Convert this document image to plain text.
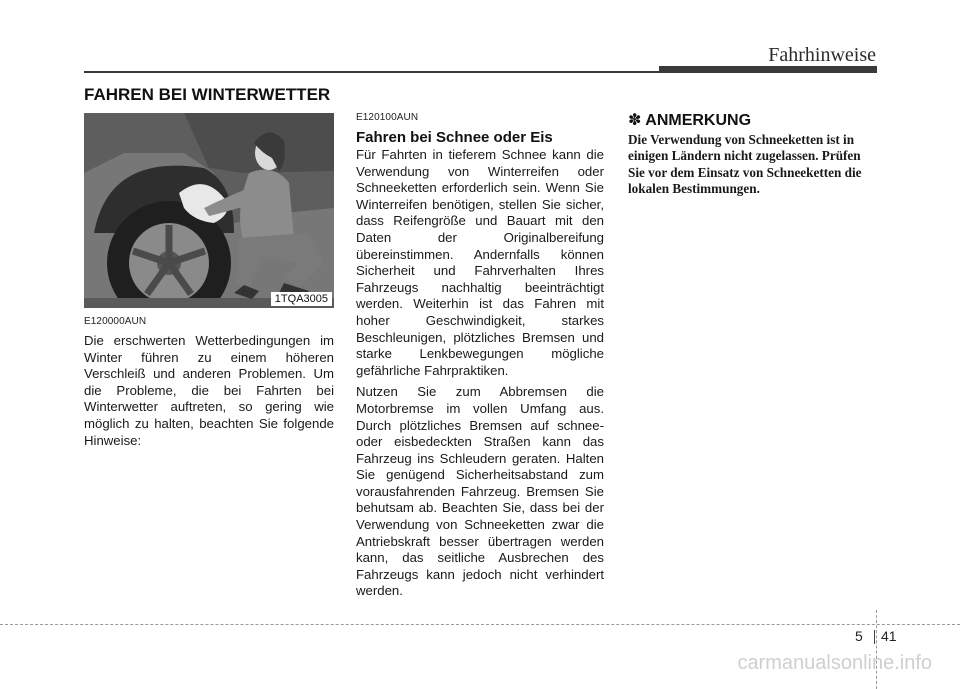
Fahrhinweise
FAHREN BEI WINTERWETTER
1TQA3005
E120000AUN

Die erschwerten Wetterbedingungen im Winter führen zu einem höheren Verschleiß und anderen Problemen. Um die Probleme, die bei Fahrten bei Winterwetter auftreten, so gering wie möglich zu halten, beachten Sie folgende Hinweise:

E120100AUN
Fahren bei Schnee oder Eis

Für Fahrten in tieferem Schnee kann die Verwendung von Winterreifen oder Schneeketten erforderlich sein. Wenn Sie Winterreifen benötigen, stellen Sie sicher, dass Reifengröße und Bauart mit den Daten der Originalbereifung übereinstimmen. Andernfalls können Sicherheit und Fahrverhalten Ihres Fahrzeugs nachhaltig beeinträchtigt werden. Weiterhin ist das Fahren mit hoher Geschwindigkeit, starkes Beschleunigen, plötzliches Bremsen und starke Lenkbewegungen mögliche gefährliche Fahrpraktiken.

Nutzen Sie zum Abbremsen die Motorbremse im vollen Umfang aus. Durch plötzliches Bremsen auf schnee- oder eisbedeckten Straßen kann das Fahrzeug ins Schleudern geraten. Halten Sie genügend Sicherheitsabstand zum vorausfahrenden Fahrzeug. Bremsen Sie behutsam ab. Beachten Sie, dass bei der Verwendung von Schneeketten zwar die Antriebskraft besser übertragen werden kann, das seitliche Ausbrechen des Fahrzeugs kann jedoch nicht verhindert werden.

✽ ANMERKUNG

Die Verwendung von Schneeketten ist in einigen Ländern nicht zugelassen. Prüfen Sie vor dem Einsatz von Schneeketten die lokalen Bestimmungen.

5 41
carmanualsonline.info
